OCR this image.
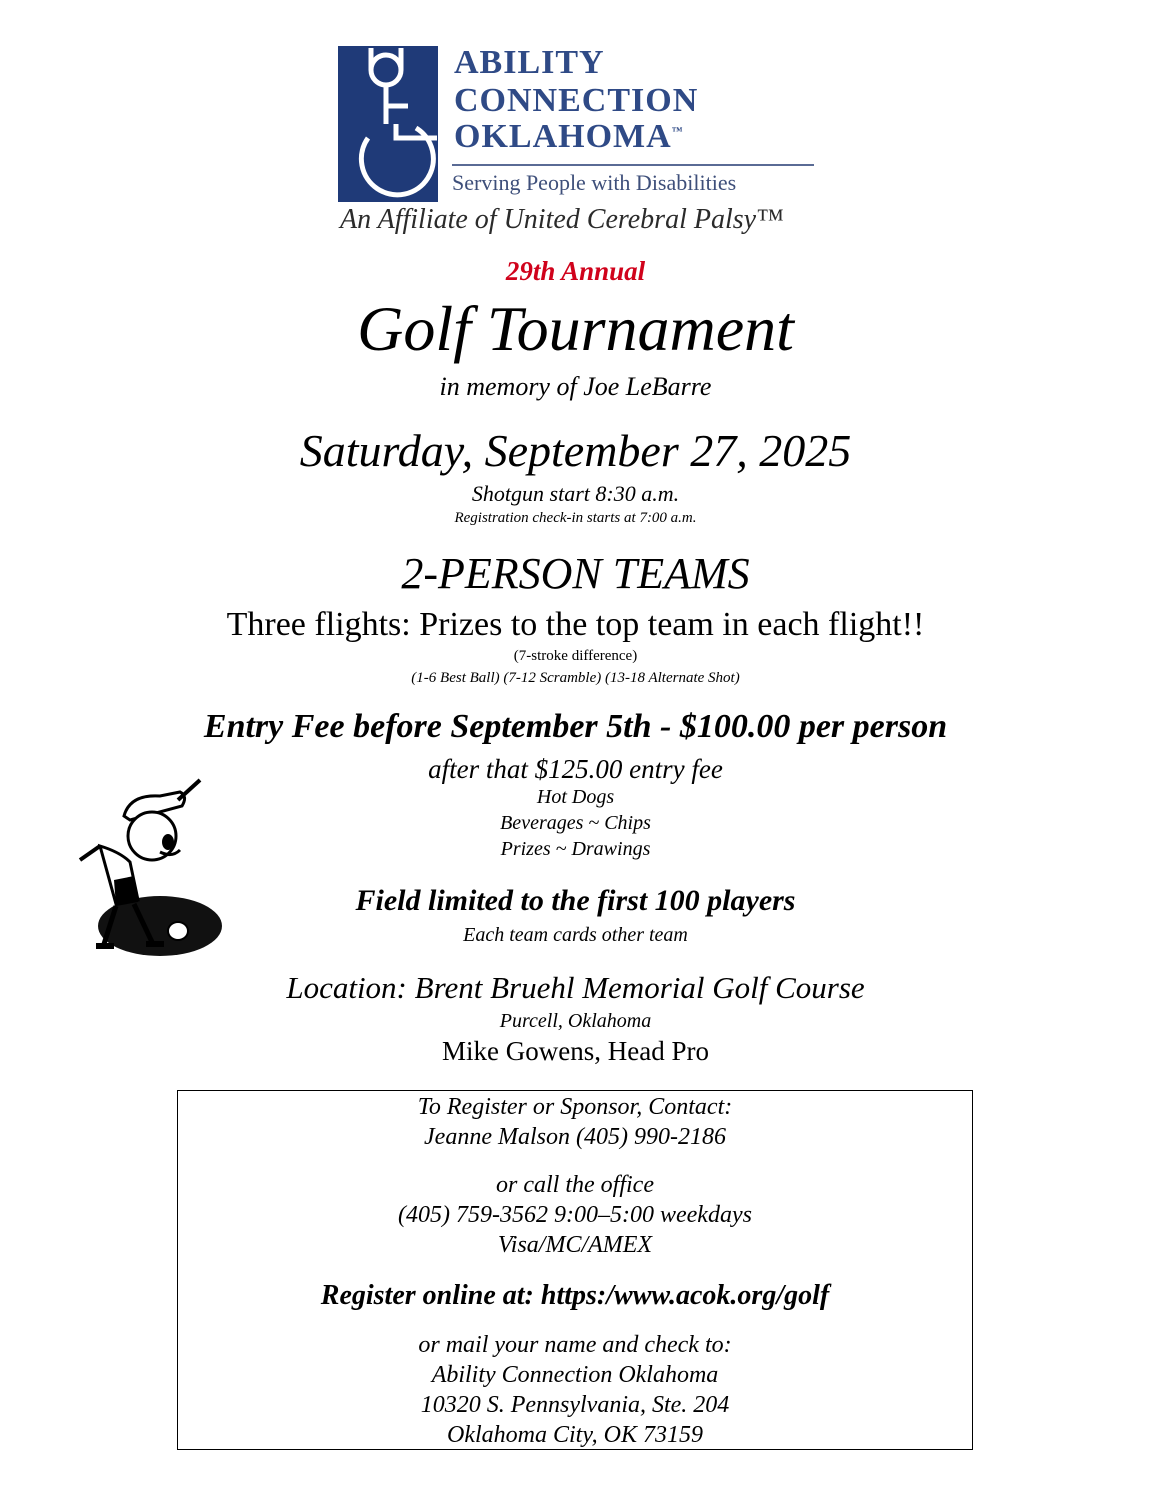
ABILITY
CONNECTION
OKLAHOMA™
Serving People with Disabilities
An Affiliate of United Cerebral Palsy™
29th Annual
Golf Tournament
in memory of Joe LeBarre
Saturday, September 27, 2025
Shotgun start 8:30 a.m.
Registration check-in starts at 7:00 a.m.
2-PERSON TEAMS
Three flights: Prizes to the top team in each flight!!
(7-stroke difference)
(1-6 Best Ball) (7-12 Scramble) (13-18 Alternate Shot)
Entry Fee before September 5th - $100.00 per person
after that $125.00 entry fee
Hot Dogs
Beverages ~ Chips
Prizes ~ Drawings
Field limited to the first 100 players
Each team cards other team
Location: Brent Bruehl Memorial Golf Course
Purcell, Oklahoma
Mike Gowens, Head Pro
To Register or Sponsor, Contact:
Jeanne Malson (405) 990-2186
or call the office
(405) 759-3562 9:00–5:00 weekdays
Visa/MC/AMEX
Register online at: https:/www.acok.org/golf
or mail your name and check to:
Ability Connection Oklahoma
10320 S. Pennsylvania, Ste. 204
Oklahoma City, OK 73159
